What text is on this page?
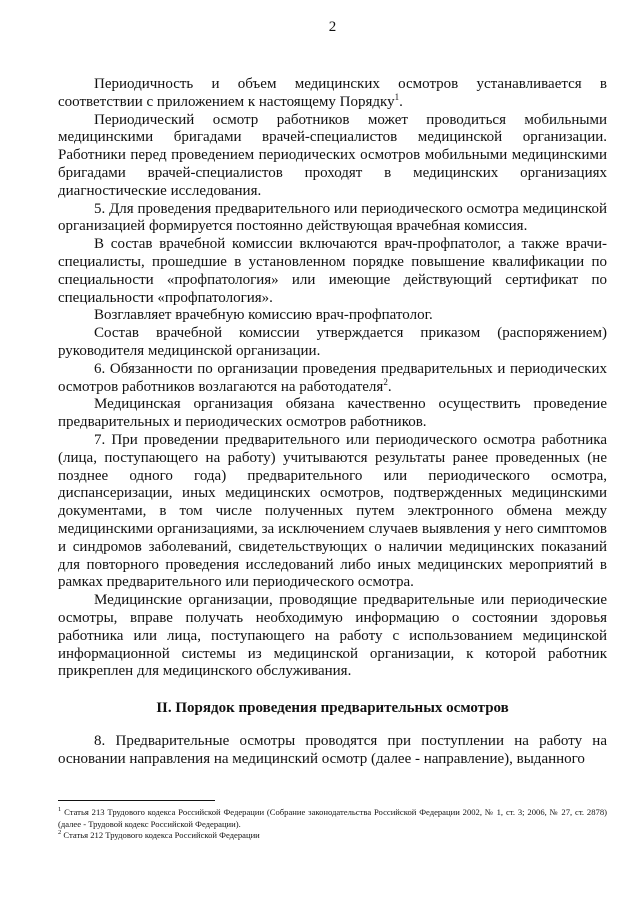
2

Периодичность и объем медицинских осмотров устанавливается в соответствии с приложением к настоящему Порядку$^1$.

Периодический осмотр работников может проводиться мобильными медицинскими бригадами врачей-специалистов медицинской организации. Работники перед проведением периодических осмотров мобильными медицинскими бригадами врачей-специалистов проходят в медицинских организациях диагностические исследования.

5. Для проведения предварительного или периодического осмотра медицинской организацией формируется постоянно действующая врачебная комиссия.

В состав врачебной комиссии включаются врач-профпатолог, а также врачи-специалисты, прошедшие в установленном порядке повышение квалификации по специальности «профпатология» или имеющие действующий сертификат по специальности «профпатология».

Возглавляет врачебную комиссию врач-профпатолог.

Состав врачебной комиссии утверждается приказом (распоряжением) руководителя медицинской организации.

6. Обязанности по организации проведения предварительных и периодических осмотров работников возлагаются на работодателя$^2$.

Медицинская организация обязана качественно осуществить проведение предварительных и периодических осмотров работников.

7. При проведении предварительного или периодического осмотра работника (лица, поступающего на работу) учитываются результаты ранее проведенных (не позднее одного года) предварительного или периодического осмотра, диспансеризации, иных медицинских осмотров, подтвержденных медицинскими документами, в том числе полученных путем электронного обмена между медицинскими организациями, за исключением случаев выявления у него симптомов и синдромов заболеваний, свидетельствующих о наличии медицинских показаний для повторного проведения исследований либо иных медицинских мероприятий в рамках предварительного или периодического осмотра.

Медицинские организации, проводящие предварительные или периодические осмотры, вправе получать необходимую информацию о состоянии здоровья работника или лица, поступающего на работу с использованием медицинской информационной системы из медицинской организации, к которой работник прикреплен для медицинского обслуживания.

II. Порядок проведения предварительных осмотров

8. Предварительные осмотры проводятся при поступлении на работу на основании направления на медицинский осмотр (далее - направление), выданного

$^1$ Статья 213 Трудового кодекса Российской Федерации (Собрание законодательства Российской Федерации 2002, № 1, ст. 3; 2006, № 27, ст. 2878) (далее - Трудовой кодекс Российской Федерации).

$^2$ Статья 212 Трудового кодекса Российской Федерации
